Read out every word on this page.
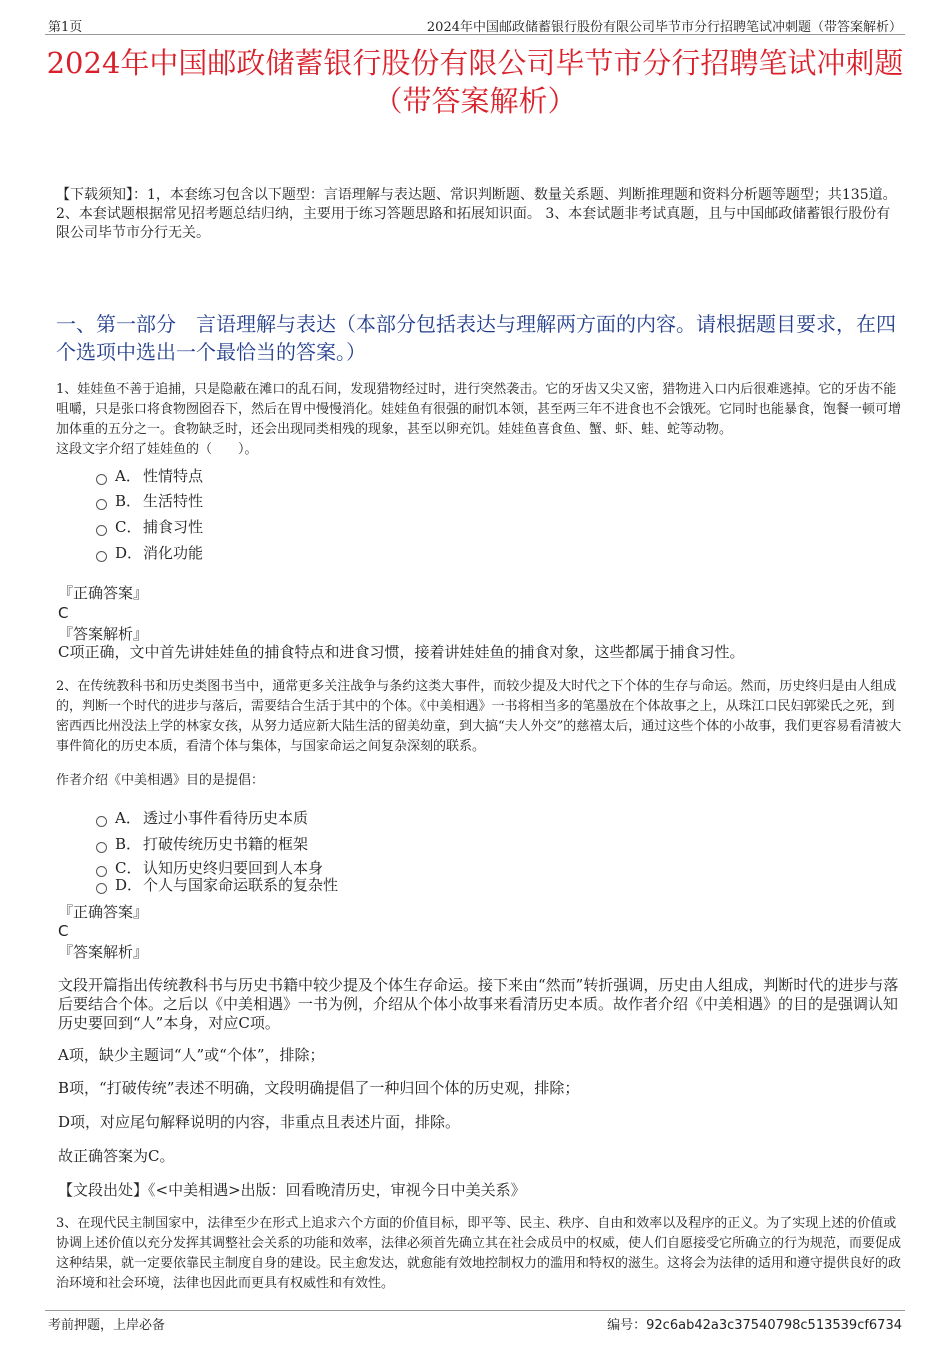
第1页	2024年中国邮政储蓄银行股份有限公司毕节市分行招聘笔试冲刺题（带答案解析）
2024年中国邮政储蓄银行股份有限公司毕节市分行招聘笔试冲刺题（带答案解析）
【下载须知】：1，本套练习包含以下题型：言语理解与表达题、常识判断题、数量关系题、判断推理题和资料分析题等题型；共135道。 2、本套试题根据常见招考题总结归纳，主要用于练习答题思路和拓展知识面。 3、本套试题非考试真题，且与中国邮政储蓄银行股份有限公司毕节市分行无关。
一、第一部分　言语理解与表达（本部分包括表达与理解两方面的内容。请根据题目要求，在四个选项中选出一个最恰当的答案。）
1、娃娃鱼不善于追捕，只是隐蔽在滩口的乱石间，发现猎物经过时，进行突然袭击。它的牙齿又尖又密，猎物进入口内后很难逃掉。它的牙齿不能咀嚼，只是张口将食物囫囵吞下，然后在胃中慢慢消化。娃娃鱼有很强的耐饥本领，甚至两三年不进食也不会饿死。它同时也能暴食，饱餐一顿可增加体重的五分之一。食物缺乏时，还会出现同类相残的现象，甚至以卵充饥。娃娃鱼喜食鱼、蟹、虾、蛙、蛇等动物。
这段文字介绍了娃娃鱼的（　　）。
A． 性情特点
B． 生活特性
C． 捕食习性
D．消化功能
『正确答案』
C
『答案解析』
C项正确，文中首先讲娃娃鱼的捕食特点和进食习惯，接着讲娃娃鱼的捕食对象，这些都属于捕食习性。
2、在传统教科书和历史类图书当中，通常更多关注战争与条约这类大事件，而较少提及大时代之下个体的生存与命运。然而，历史终归是由人组成的，判断一个时代的进步与落后，需要结合生活于其中的个体。《中美相遇》一书将相当多的笔墨放在个体故事之上，从珠江口民妇郭梁氏之死，到密西西比州没法上学的林家女孩，从努力适应新大陆生活的留美幼童，到大搞“夫人外交”的慈禧太后，通过这些个体的小故事，我们更容易看清被大事件简化的历史本质，看清个体与集体，与国家命运之间复杂深刻的联系。
作者介绍《中美相遇》目的是提倡：
A． 透过小事件看待历史本质
B． 打破传统历史书籍的框架
C． 认知历史终归要回到人本身
D．个人与国家命运联系的复杂性
『正确答案』
C
『答案解析』
文段开篇指出传统教科书与历史书籍中较少提及个体生存命运。接下来由“然而”转折强调，历史由人组成，判断时代的进步与落后要结合个体。之后以《中美相遇》一书为例，介绍从个体小故事来看清历史本质。故作者介绍《中美相遇》的目的是强调认知历史要回到“人”本身，对应C项。
A项，缺少主题词“人”或“个体”，排除；
B项，“打破传统”表述不明确，文段明确提倡了一种归回个体的历史观，排除；
D项，对应尾句解释说明的内容，非重点且表述片面，排除。
故正确答案为C。
【文段出处】《<中美相遇>出版：回看晚清历史，审视今日中美关系》
3、在现代民主制国家中，法律至少在形式上追求六个方面的价值目标，即平等、民主、秩序、自由和效率以及程序的正义。为了实现上述的价值或协调上述价值以充分发挥其调整社会关系的功能和效率，法律必须首先确立其在社会成员中的权威，使人们自愿接受它所确立的行为规范，而要促成这种结果，就一定要依靠民主制度自身的建设。民主愈发达，就愈能有效地控制权力的滥用和特权的滋生。这将会为法律的适用和遵守提供良好的政治环境和社会环境，法律也因此而更具有权威性和有效性。
考前押题，上岸必备	编号：92c6ab42a3c37540798c513539cf6734
